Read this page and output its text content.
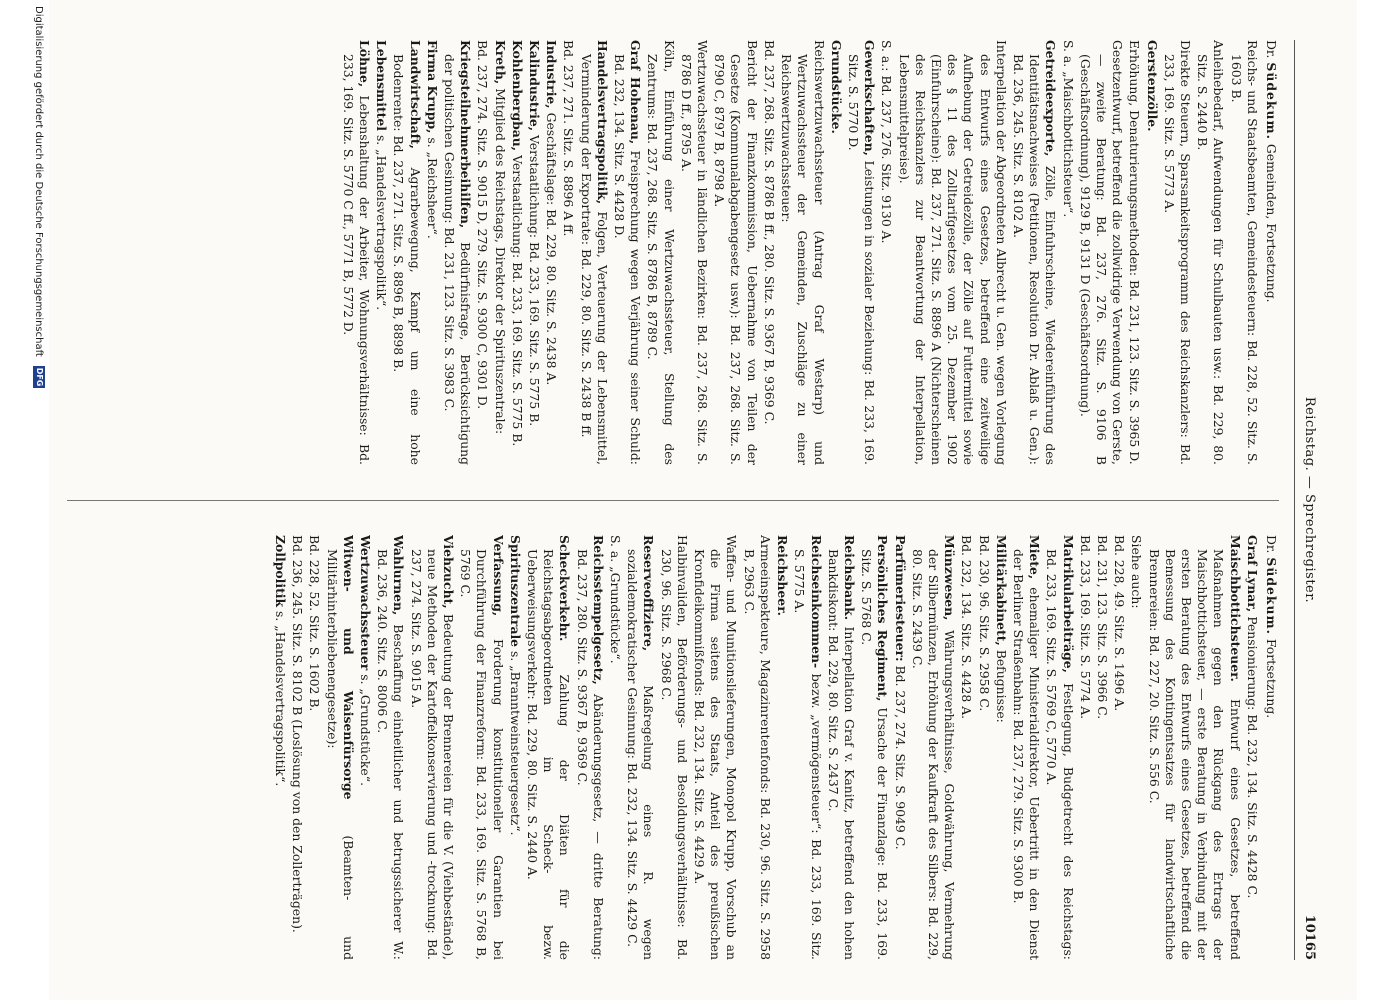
Reichstag. — Sprechregister.
10165

Dr. Südekum. Gemeinden, Fortsetzung.

Reichs- und Staatsbeamten, Gemeindesteuern: Bd. 228, 52. Sitz. S. 1603 B.

Anleihebedarf, Aufwendungen für Schulbauten usw.: Bd. 229, 80. Sitz. S. 2440 B.

Direkte Steuern, Sparsamkeitsprogramm des Reichskanzlers: Bd. 233, 169. Sitz. S. 5773 A.

Gerstenzölle.

Erhöhung, Denaturierungsmethoden: Bd. 231, 123. Sitz. S. 3965 D.

Gesetzentwurf, betreffend die zollwidrige Verwendung von Gerste, — zweite Beratung: Bd. 237, 276. Sitz. S. 9106 B (Geschäftsordnung), 9129 B, 9131 D (Geschäftsordnung).

S. a. „Maischbottichsteuer“.

Getreideexporte, Zölle, Einfuhrscheine, Wiedereinführung des Identitätsnachweises (Petitionen, Resolution Dr. Ablaß u. Gen.): Bd. 236, 245. Sitz. S. 8102 A.

Interpellation der Abgeordneten Albrecht u. Gen. wegen Vorlegung des Entwurfs eines Gesetzes, betreffend eine zeitweilige Aufhebung der Getreidezölle, der Zölle auf Futtermittel sowie des § 11 des Zolltarifgesetzes vom 25. Dezember 1902 (Einfuhrscheine): Bd. 237, 271. Sitz. S. 8896 A (Nichterscheinen des Reichskanzlers zur Beantwortung der Interpellation, Lebensmittelpreise).

S. a.: Bd. 237, 276. Sitz. 9130 A.

Gewerkschaften, Leistungen in sozialer Beziehung: Bd. 233, 169. Sitz. S. 5770 D.

Grundstücke.

Reichswertzuwachssteuer (Antrag Graf Westarp) und Wertzuwachssteuer der Gemeinden, Zuschläge zu einer Reichswertzuwachssteuer:

Bd. 237, 268. Sitz. S. 8786 B ff., 280. Sitz. S. 9367 B, 9369 C.

Bericht der Finanzkommission, Uebernahme von Teilen der Gesetze (Kommunalabgabengesetz usw.): Bd. 237, 268. Sitz. S. 8790 C, 8797 B, 8798 A.

Wertzuwachssteuer in ländlichen Bezirken: Bd. 237, 268. Sitz. S. 8786 D ff., 8795 A.

Köln, Einführung einer Wertzuwachssteuer, Stellung des Zentrums: Bd. 237, 268. Sitz. S. 8786 B, 8789 C.

Graf Hohenau, Freisprechung wegen Verjährung seiner Schuld: Bd. 232, 134. Sitz. S. 4428 D.

Handelsvertragspolitik, Folgen, Verteuerung der Lebensmittel, Verminderung der Exportrate: Bd. 229, 80. Sitz. S. 2438 B ff.

Bd. 237, 271. Sitz. S. 8896 A ff.

Industrie, Geschäftslage: Bd. 229, 80. Sitz. S. 2438 A.

Kalindustrie, Verstaatlichung: Bd. 233, 169. Sitz. S. 5775 B.

Kohlenbergbau, Verstaatlichung: Bd. 233, 169. Sitz. S. 5775 B.

Kreth, Mitglied des Reichstags, Direktor der Spirituszentrale:

Bd. 237, 274. Sitz. S. 9015 D, 279. Sitz. S. 9300 C, 9301 D.

Kriegsteilnehmerbeihilfen, Bedürfnisfrage, Berücksichtigung der politischen Gesinnung: Bd. 231, 123. Sitz. S. 3983 C.

Firma Krupp, s. „Reichsheer“.

Landwirtschaft, Agrarbewegung, Kampf um eine hohe Bodenrente: Bd. 237, 271. Sitz. S. 8896 B, 8898 B.

Lebensmittel s. „Handelsvertragspolitik“.

Löhne, Lebenshaltung der Arbeiter, Wohnungsverhältnisse: Bd. 233, 169. Sitz. S. 5770 C ff., 5771 B, 5772 D.

Dr. Südekum. Fortsetzung.

Graf Lynar, Pensionierung: Bd. 232, 134. Sitz. S. 4428 C.

Maischbottichsteuer. Entwurf eines Gesetzes, betreffend Maßnahmen gegen den Rückgang des Ertrags der Maischbottichsteuer, — erste Beratung in Verbindung mit der ersten Beratung des Entwurfs eines Gesetzes, betreffend die Bemessung des Kontingentsatzes für landwirtschaftliche Brennereien: Bd. 227, 20. Sitz. S. 556 C.

Siehe auch:

Bd. 228, 49. Sitz. S. 1496 A.

Bd. 231, 123. Sitz. S. 3966 C.

Bd. 233, 169. Sitz. S. 5774 A.

Matrikularbeiträge, Festlegung, Budgetrecht des Reichstags: Bd. 233, 169. Sitz. S. 5769 C, 5770 A.

Miete, ehemaliger Ministerialdirektor, Uebertritt in den Dienst der Berliner Straßenbahn: Bd. 237, 279. Sitz. S. 9300 B.

Militärkabinett, Befugnisse:

Bd. 230, 96. Sitz. S. 2958 C.

Bd. 232, 134. Sitz. S. 4428 A.

Münzwesen, Währungsverhältnisse, Goldwährung, Vermehrung der Silbermünzen, Erhöhung der Kaufkraft des Silbers: Bd. 229, 80. Sitz. S. 2439 C.

Parfümeriesteuer: Bd. 237, 274. Sitz. S. 9049 C.

Persönliches Regiment, Ursache der Finanzlage: Bd. 233, 169. Sitz. S. 5768 C.

Reichsbank. Interpellation Graf v. Kanitz, betreffend den hohen Bankdiskont: Bd. 229, 80. Sitz. S. 2437 C.

Reichseinkommen- bezw. „vermögensteuer“: Bd. 233, 169. Sitz. S. 5775 A.

Reichsheer.

Armeeinspekteure, Magazinrentenfonds: Bd. 230, 96. Sitz. S. 2958 B, 2963 C.

Waffen- und Munitionslieferungen, Monopol Krupp, Vorschub an die Firma seitens des Staats, Anteil des preußischen Kronfideikommißfonds: Bd. 232, 134. Sitz. S. 4429 A.

Halbinvaliden, Beförderungs- und Besoldungsverhältnisse: Bd. 230, 96. Sitz. S. 2968 C.

Reserveoffiziere, Maßregelung eines R. wegen sozialdemokratischer Gesinnung: Bd. 232, 134. Sitz. S. 4429 C.

S. a. „Grundstücke“.

Reichsstempelgesetz, Abänderungsgesetz, — dritte Beratung: Bd. 237, 280. Sitz. S. 9367 B, 9369 C.

Scheckverkehr. Zahlung der Diäten für die Reichstagsabgeordneten im Scheck- bezw. Ueberweisungsverkehr: Bd. 229, 80. Sitz. S. 2440 A.

Spirituszentrale s. „Branntweinsteuergesetz“.

Verfassung, Forderung konstitutioneller Garantien bei Durchführung der Finanzreform: Bd. 233, 169. Sitz. S. 5768 B, 5769 C.

Viehzucht, Bedeutung der Brennereien für die V. (Viehbestände), neue Methoden der Kartoffelkonservierung und -trocknung: Bd. 237, 274. Sitz. S. 9015 A.

Wahlurnen, Beschaffung einheitlicher und betrugssicherer W.: Bd. 236, 240. Sitz. S. 8006 C.

Wertzuwachssteuer s. „Grundstücke“.

Witwen- und Waisenfürsorge (Beamten- und Militärhinterbliebenengesetze):

Bd. 228, 52. Sitz. S. 1602 B.

Bd. 236, 245. Sitz. S. 8102 B (Loslösung von den Zollerträgen).

Zollpolitik s. „Handelsvertragspolitik“.

Digitalisierung gefördert durch die Deutsche Forschungsgemeinschaft DFG
